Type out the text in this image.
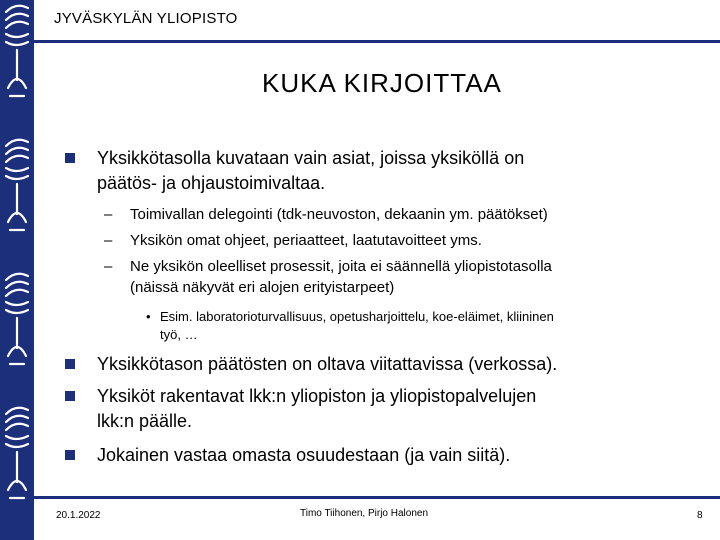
JYVÄSKYLÄN YLIOPISTO
KUKA KIRJOITTAA
Yksikkötasolla kuvataan vain asiat, joissa yksiköllä on
päätös- ja ohjaustoimivaltaa.
– Toimivallan delegointi (tdk-neuvoston, dekaanin ym. päätökset)
– Yksikön omat ohjeet, periaatteet, laatutavoitteet yms.
– Ne yksikön oleelliset prosessit, joita ei säännellä yliopistotasolla
(näissä näkyvät eri alojen erityistarpeet)
• Esim. laboratorioturvallisuus, opetusharjoittelu, koe-eläimet, kliininen
työ, …
Yksikkötason päätösten on oltava viitattavissa (verkossa).
Yksiköt rakentavat lkk:n yliopiston ja yliopistopalvelujen
lkk:n päälle.
Jokainen vastaa omasta osuudestaan (ja vain siitä).
20.1.2022	Timo Tiihonen, Pirjo Halonen	8
